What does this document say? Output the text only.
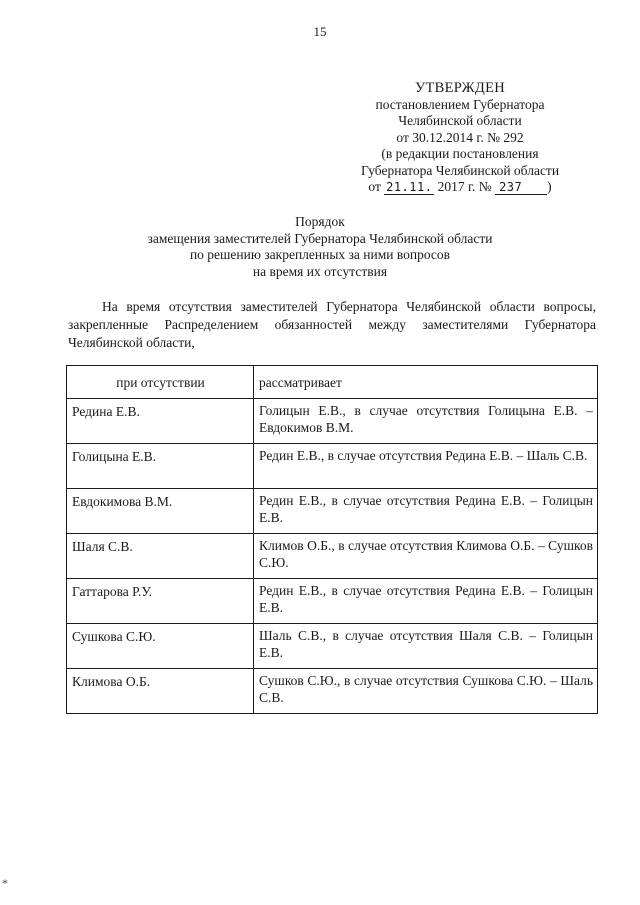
15
УТВЕРЖДЕН
постановлением Губернатора
Челябинской области
от 30.12.2014 г. № 292
(в редакции постановления
Губернатора Челябинской области
от 21.11. 2017 г. № 237 )
Порядок
замещения заместителей Губернатора Челябинской области
по решению закрепленных за ними вопросов
на время их отсутствия
На время отсутствия заместителей Губернатора Челябинской области вопросы, закрепленные Распределением обязанностей между заместителями Губернатора Челябинской области,
при отсутствии	рассматривает
Редина Е.В.	Голицын Е.В., в случае отсутствия Голицына Е.В. – Евдокимов В.М.
Голицына Е.В.	Редин Е.В., в случае отсутствия Редина Е.В. – Шаль С.В.
Евдокимова В.М.	Редин Е.В., в случае отсутствия Редина Е.В. – Голицын Е.В.
Шаля С.В.	Климов О.Б., в случае отсутствия Климова О.Б. – Сушков С.Ю.
Гаттарова Р.У.	Редин Е.В., в случае отсутствия Редина Е.В. – Голицын Е.В.
Сушкова С.Ю.	Шаль С.В., в случае отсутствия Шаля С.В. – Голицын Е.В.
Климова О.Б.	Сушков С.Ю., в случае отсутствия Сушкова С.Ю. – Шаль С.В.
*
